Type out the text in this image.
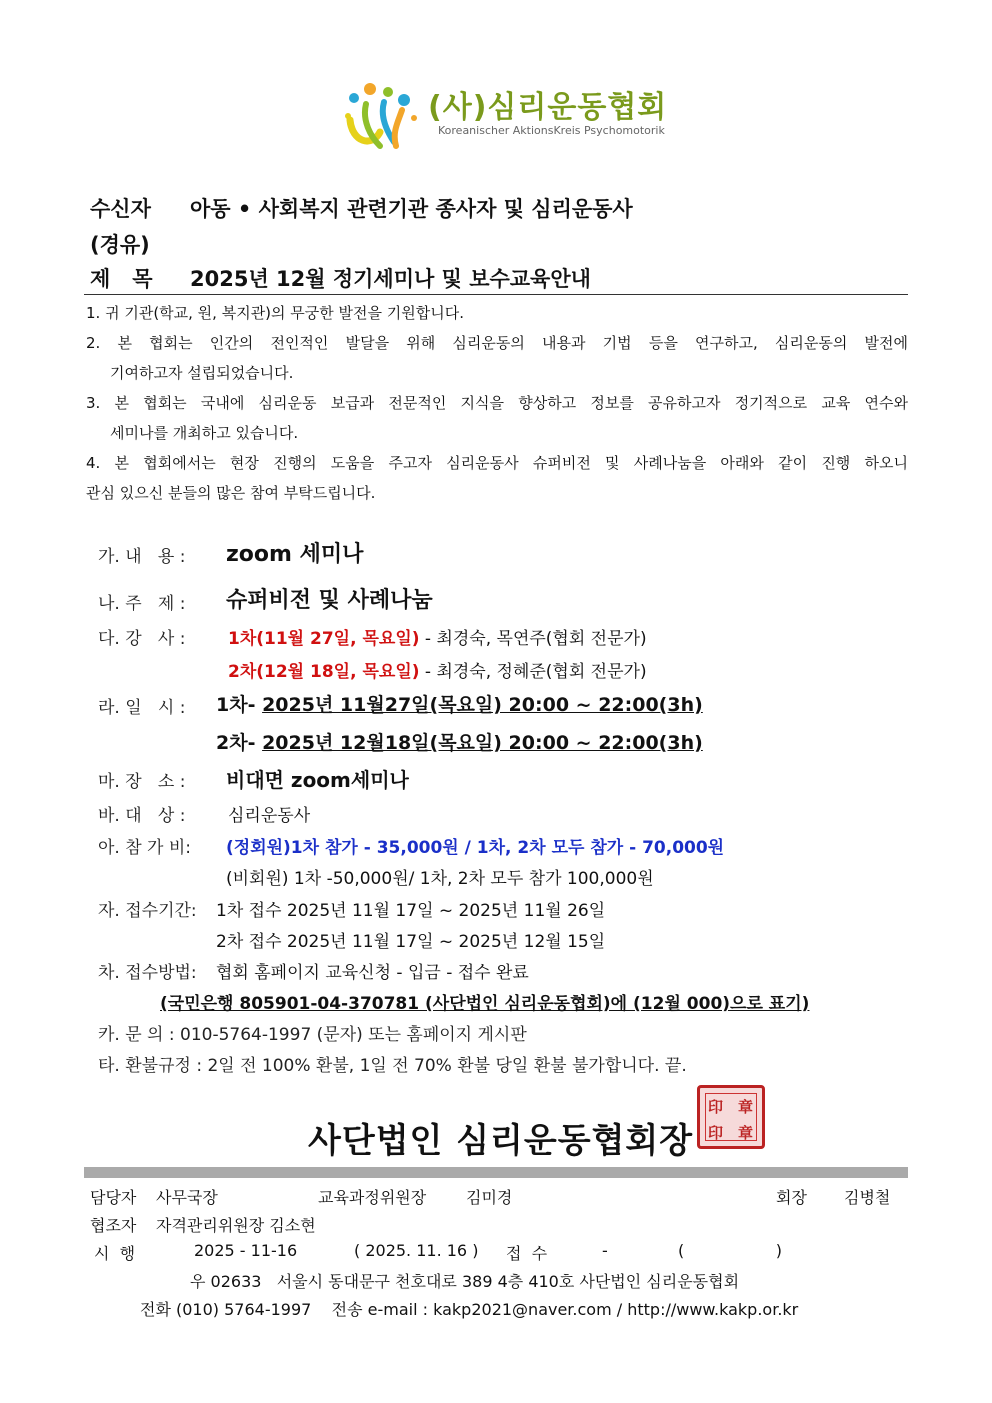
(사)심리운동협회
Koreanischer AktionsKreis Psychomotorik
수신자 아동 • 사회복지 관련기관 종사자 및 심리운동사
(경유)
제   목 2025년 12월 정기세미나 및 보수교육안내
1. 귀 기관(학교, 원, 복지관)의 무궁한 발전을 기원합니다.
2. 본 협회는 인간의 전인적인 발달을 위해 심리운동의 내용과 기법 등을 연구하고, 심리운동의 발전에
기여하고자 설립되었습니다.
3. 본 협회는 국내에 심리운동 보급과 전문적인 지식을 향상하고 정보를 공유하고자 정기적으로 교육 연수와
세미나를 개최하고 있습니다.
4. 본 협회에서는 현장 진행의 도움을 주고자 심리운동사 슈퍼비전 및 사례나눔을 아래와 같이 진행 하오니
관심 있으신 분들의 많은 참여 부탁드립니다.
가. 내   용 : zoom 세미나
나. 주   제 : 슈퍼비전 및 사례나눔
다. 강   사 :	1차(11월 27일, 목요일) - 최경숙, 목연주(협회 전문가)
2차(12월 18일, 목요일) - 최경숙, 정혜준(협회 전문가)
라. 일   시 : 1차- 2025년 11월27일(목요일) 20:00 ~ 22:00(3h)
2차- 2025년 12월18일(목요일) 20:00 ~ 22:00(3h)
마. 장   소 : 비대면 zoom세미나
바. 대   상 :	심리운동사
아. 참 가 비: (정회원)1차 참가 - 35,000원 / 1차, 2차 모두 참가 - 70,000원
(비회원) 1차 -50,000원/ 1차, 2차 모두 참가 100,000원
자. 접수기간: 1차 접수 2025년 11월 17일 ~ 2025년 11월 26일
2차 접수 2025년 11월 17일 ~ 2025년 12월 15일
차. 접수방법: 협회 홈페이지 교육신청 - 입금 - 접수 완료
(국민은행 805901-04-370781 (사단법인 심리운동협회)에 (12월 000)으로 표기)
카. 문 의 : 010-5764-1997 (문자) 또는 홈페이지 게시판
타. 환불규정 : 2일 전 100% 환불, 1일 전 70% 환불 당일 환불 불가합니다. 끝.
사단법인 심리운동협회장
印 章
印 章
담당자 사무국장	교육과정위원장 김미경	회장 김병철
협조자 자격관리위원장 김소현
시  행	2025 - 11-16	( 2025. 11. 16 ) 접  수	-	(                  )
우 02633   서울시 동대문구 천호대로 389 4층 410호 사단법인 심리운동협회
전화 (010) 5764-1997    전송 e-mail : kakp2021@naver.com / http://www.kakp.or.kr
